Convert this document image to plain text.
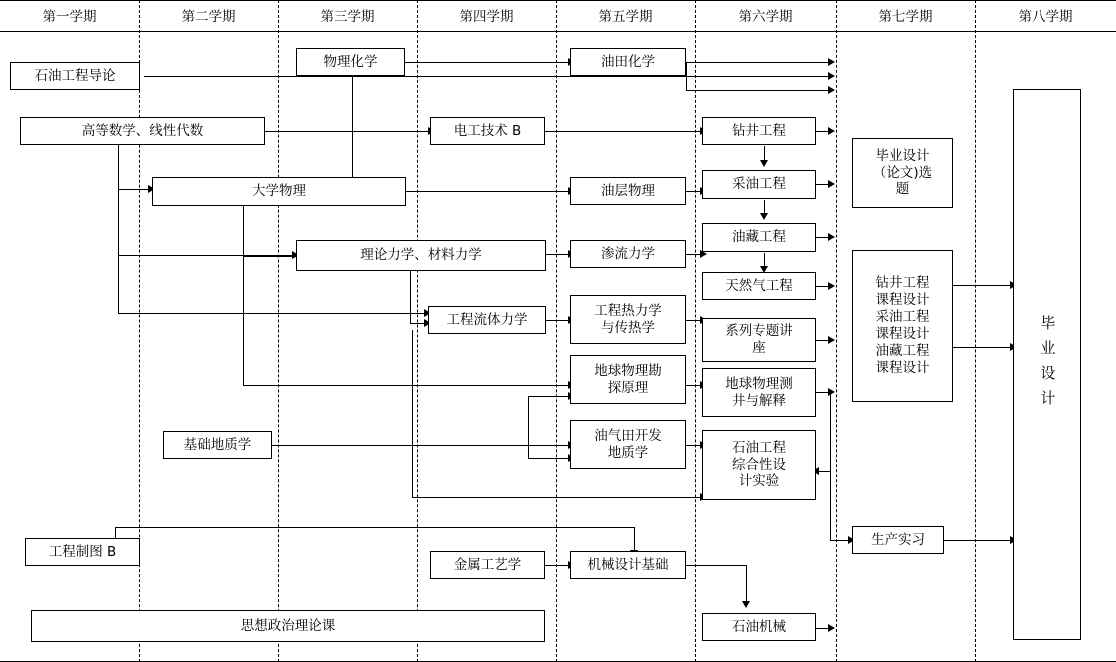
第一学期	第二学期	第三学期	第四学期	第五学期	第六学期	第七学期	第八学期
石油工程导论
高等数学、线性代数
大学物理
理论力学、材料力学
基础地质学
工程制图 B
物理化学
电工技术 B
工程流体力学
金属工艺学
油田化学
油层物理
渗流力学
工程热力学
与传热学
地球物理勘
探原理
油气田开发
地质学
机械设计基础
钻井工程
采油工程
油藏工程
天然气工程
系列专题讲
座
地球物理测
井与解释
石油工程
综合性设
计实验
石油机械
毕业设计
（论文)选
题
钻井工程
课程设计
采油工程
课程设计
油藏工程
课程设计
生产实习
毕业设计
思想政治理论课
